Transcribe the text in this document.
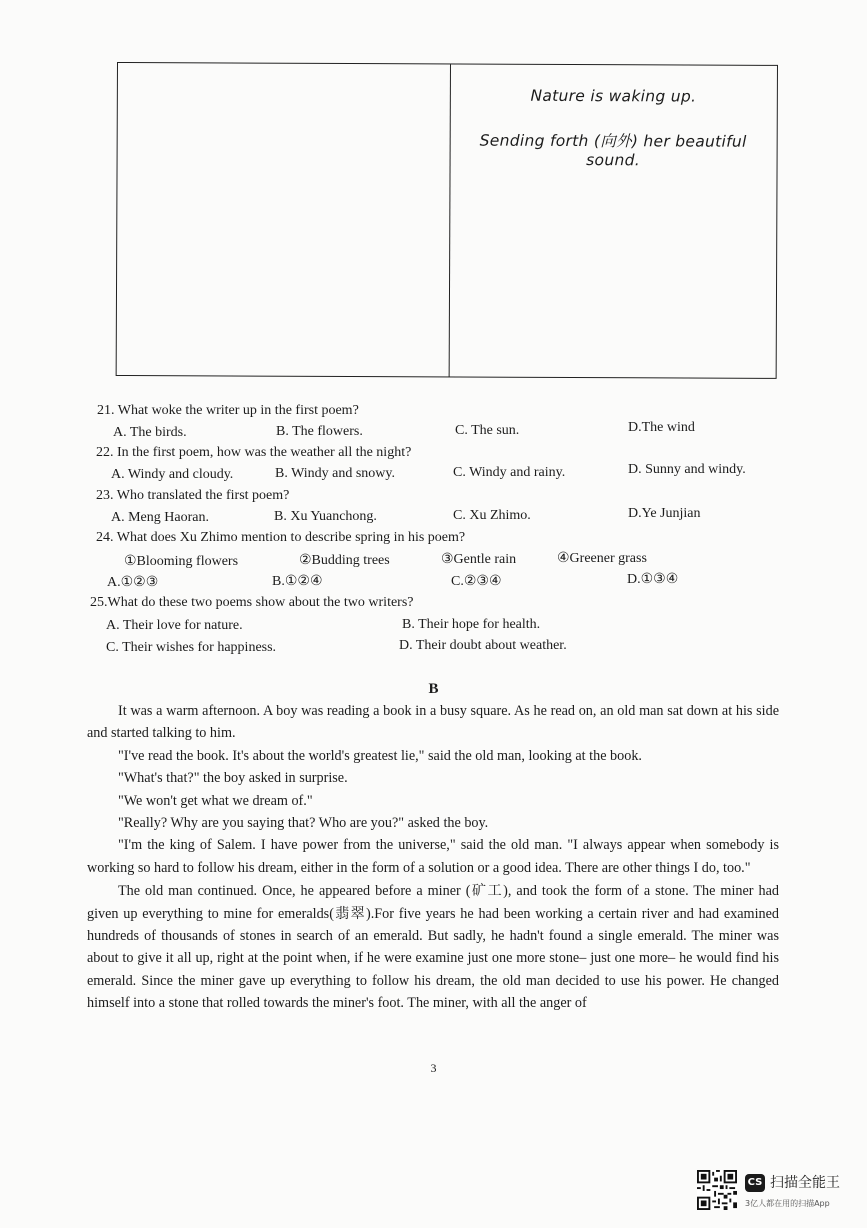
Nature is waking up.
Sending forth (向外) her beautiful sound.
21. What woke the writer up in the first poem?
A. The birds.	B. The flowers.	C. The sun.	D.The wind
22. In the first poem, how was the weather all the night?
A. Windy and cloudy.	B. Windy and snowy.	C. Windy and rainy.	D. Sunny and windy.
23. Who translated the first poem?
A. Meng Haoran.	B. Xu Yuanchong.	C. Xu Zhimo.	D.Ye Junjian
24. What does Xu Zhimo mention to describe spring in his poem?
①Blooming flowers	②Budding trees	③Gentle rain	④Greener grass
A.①②③	B.①②④	C.②③④	D.①③④
25.What do these two poems show about the two writers?
A. Their love for nature.	B. Their hope for health.
C. Their wishes for happiness.	D. Their doubt about weather.
B

It was a warm afternoon. A boy was reading a book in a busy square. As he read on, an old man sat down at his side and started talking to him.

"I've read the book. It's about the world's greatest lie," said the old man, looking at the book.

"What's that?" the boy asked in surprise.

"We won't get what we dream of."

"Really? Why are you saying that? Who are you?" asked the boy.

"I'm the king of Salem. I have power from the universe," said the old man. "I always appear when somebody is working so hard to follow his dream, either in the form of a solution or a good idea. There are other things I do, too."

The old man continued. Once, he appeared before a miner (矿工), and took the form of a stone. The miner had given up everything to mine for emeralds(翡翠).For five years he had been working a certain river and had examined hundreds of thousands of stones in search of an emerald. But sadly, he hadn't found a single emerald. The miner was about to give it all up, right at the point when, if he were examine just one more stone– just one more– he would find his emerald. Since the miner gave up everything to follow his dream, the old man decided to use his power. He changed himself into a stone that rolled towards the miner's foot. The miner, with all the anger of

3
CS 扫描全能王
3亿人都在用的扫描App
